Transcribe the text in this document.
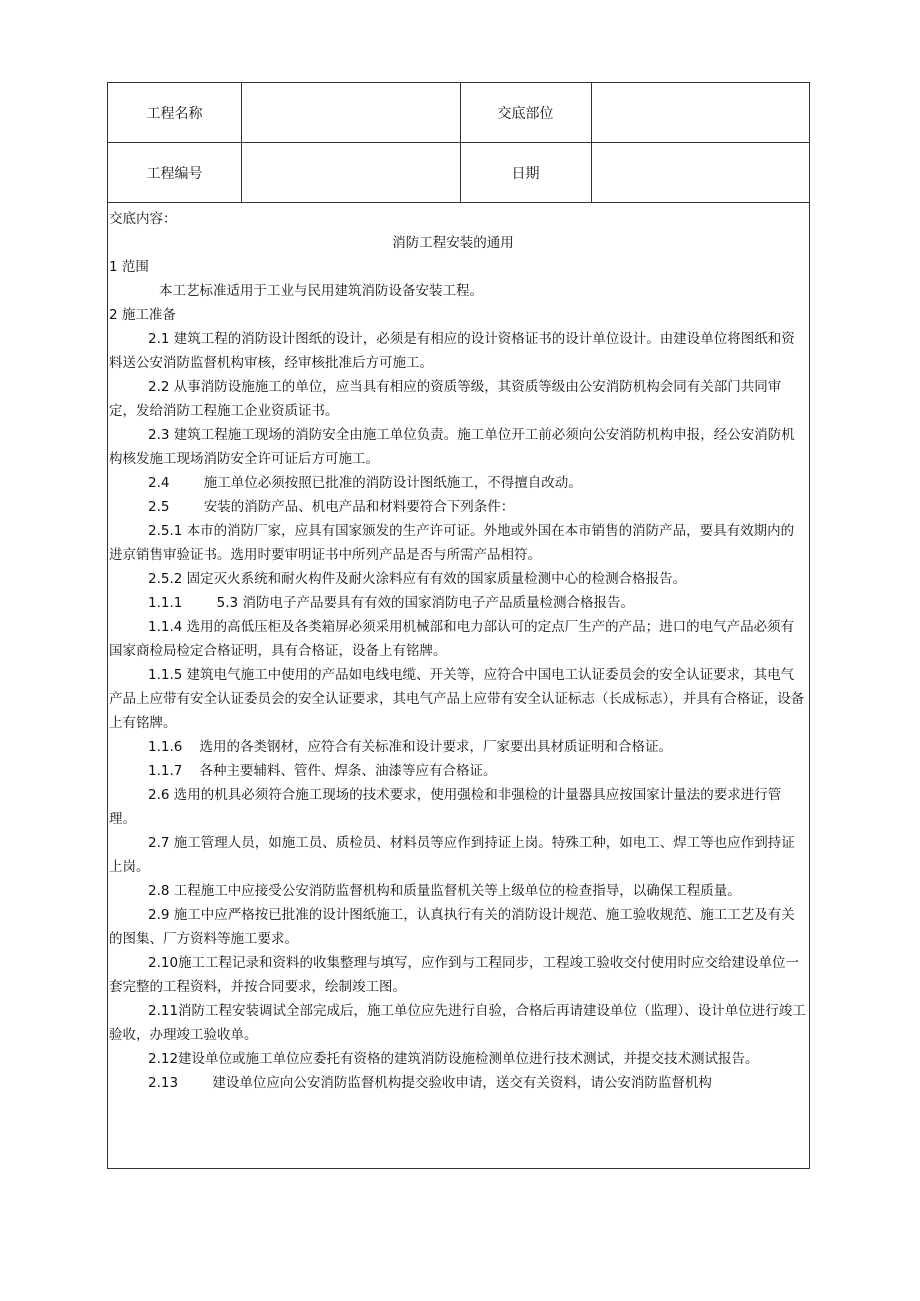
工程名称	交底部位
工程编号	日期

交底内容：

消防工程安装的通用

1 范围

本工艺标准适用于工业与民用建筑消防设备安装工程。

2 施工准备

2.1 建筑工程的消防设计图纸的设计，必须是有相应的设计资格证书的设计单位设计。由建设单位将图纸和资料送公安消防监督机构审核，经审核批准后方可施工。

2.2 从事消防设施施工的单位，应当具有相应的资质等级，其资质等级由公安消防机构会同有关部门共同审定，发给消防工程施工企业资质证书。

2.3 建筑工程施工现场的消防安全由施工单位负责。施工单位开工前必须向公安消防机构申报，经公安消防机构核发施工现场消防安全许可证后方可施工。

2.4        施工单位必须按照已批准的消防设计图纸施工，不得擅自改动。

2.5        安装的消防产品、机电产品和材料要符合下列条件：

2.5.1 本市的消防厂家，应具有国家颁发的生产许可证。外地或外国在本市销售的消防产品，要具有效期内的进京销售审验证书。选用时要审明证书中所列产品是否与所需产品相符。

2.5.2 固定灭火系统和耐火构件及耐火涂料应有有效的国家质量检测中心的检测合格报告。

1.1.1        5.3 消防电子产品要具有有效的国家消防电子产品质量检测合格报告。

1.1.4 选用的高低压柜及各类箱屏必须采用机械部和电力部认可的定点厂生产的产品；进口的电气产品必须有国家商检局检定合格证明，具有合格证，设备上有铭牌。

1.1.5 建筑电气施工中使用的产品如电线电缆、开关等，应符合中国电工认证委员会的安全认证要求，其电气产品上应带有安全认证委员会的安全认证要求，其电气产品上应带有安全认证标志（长成标志），并具有合格证，设备上有铭牌。

1.1.6    选用的各类钢材，应符合有关标准和设计要求，厂家要出具材质证明和合格证。

1.1.7    各种主要辅料、管件、焊条、油漆等应有合格证。

2.6 选用的机具必须符合施工现场的技术要求，使用强检和非强检的计量器具应按国家计量法的要求进行管理。

2.7 施工管理人员，如施工员、质检员、材料员等应作到持证上岗。特殊工种，如电工、焊工等也应作到持证上岗。

2.8 工程施工中应接受公安消防监督机构和质量监督机关等上级单位的检查指导，以确保工程质量。

2.9 施工中应严格按已批准的设计图纸施工，认真执行有关的消防设计规范、施工验收规范、施工工艺及有关的图集、厂方资料等施工要求。

2.10施工工程记录和资料的收集整理与填写，应作到与工程同步，工程竣工验收交付使用时应交给建设单位一套完整的工程资料，并按合同要求，绘制竣工图。

2.11消防工程安装调试全部完成后，施工单位应先进行自验，合格后再请建设单位（监理）、设计单位进行竣工验收，办理竣工验收单。

2.12建设单位或施工单位应委托有资格的建筑消防设施检测单位进行技术测试，并提交技术测试报告。

2.13        建设单位应向公安消防监督机构提交验收申请，送交有关资料，请公安消防监督机构
